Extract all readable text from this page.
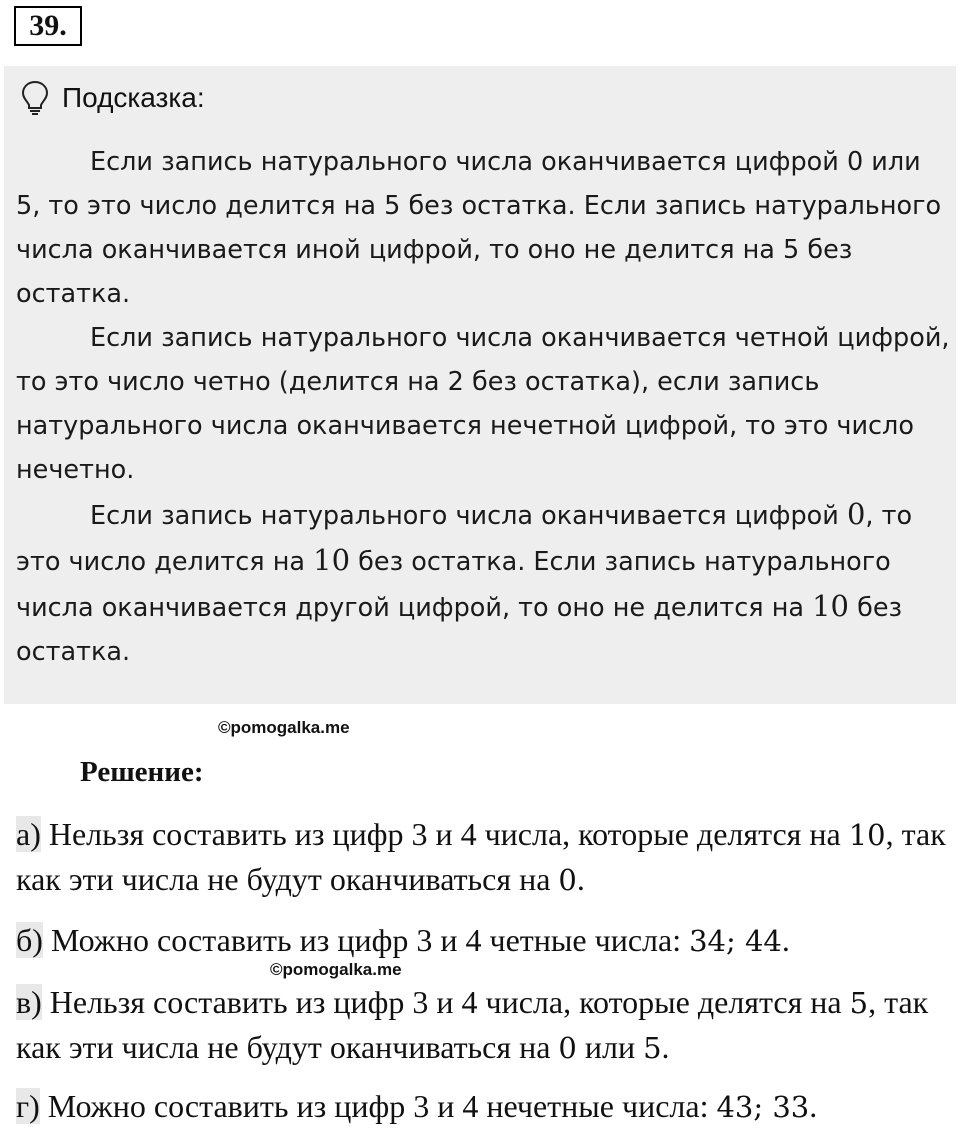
39.
Подсказка:

Если запись натурального числа оканчивается цифрой 0 или 5, то это число делится на 5 без остатка. Если запись натурального числа оканчивается иной цифрой, то оно не делится на 5 без остатка.

Если запись натурального числа оканчивается четной цифрой, то это число четно (делится на 2 без остатка), если запись натурального числа оканчивается нечетной цифрой, то это число нечетно.

Если запись натурального числа оканчивается цифрой 0, то это число делится на 10 без остатка. Если запись натурального числа оканчивается другой цифрой, то оно не делится на 10 без остатка.

©pomogalka.me
Решение:
а) Нельзя составить из цифр 3 и 4 числа, которые делятся на 10, так как эти числа не будут оканчиваться на 0.
б) Можно составить из цифр 3 и 4 четные числа: 34; 44.
©pomogalka.me
в) Нельзя составить из цифр 3 и 4 числа, которые делятся на 5, так как эти числа не будут оканчиваться на 0 или 5.
г) Можно составить из цифр 3 и 4 нечетные числа: 43; 33.
